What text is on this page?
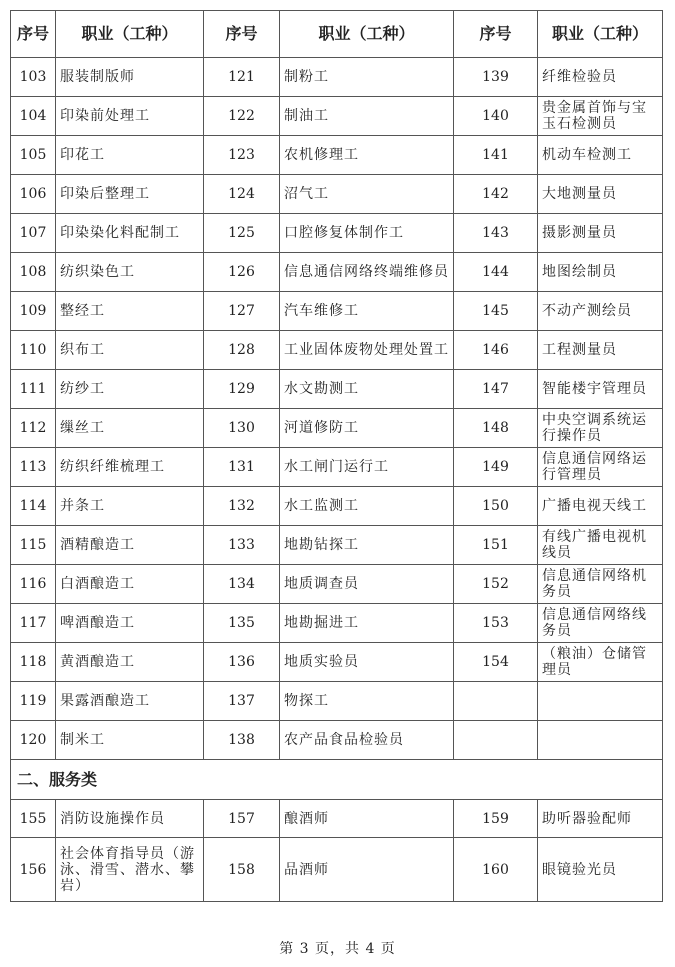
序号	职业（工种）	序号	职业（工种）	序号	职业（工种）
103	服装制版师	121	制粉工	139	纤维检验员
104	印染前处理工	122	制油工	140	贵金属首饰与宝玉石检测员
105	印花工	123	农机修理工	141	机动车检测工
106	印染后整理工	124	沼气工	142	大地测量员
107	印染染化料配制工	125	口腔修复体制作工	143	摄影测量员
108	纺织染色工	126	信息通信网络终端维修员	144	地图绘制员
109	整经工	127	汽车维修工	145	不动产测绘员
110	织布工	128	工业固体废物处理处置工	146	工程测量员
111	纺纱工	129	水文勘测工	147	智能楼宇管理员
112	缫丝工	130	河道修防工	148	中央空调系统运行操作员
113	纺织纤维梳理工	131	水工闸门运行工	149	信息通信网络运行管理员
114	并条工	132	水工监测工	150	广播电视天线工
115	酒精酿造工	133	地勘钻探工	151	有线广播电视机线员
116	白酒酿造工	134	地质调查员	152	信息通信网络机务员
117	啤酒酿造工	135	地勘掘进工	153	信息通信网络线务员
118	黄酒酿造工	136	地质实验员	154	（粮油）仓储管理员
119	果露酒酿造工	137	物探工		
120	制米工	138	农产品食品检验员		
二、服务类					
155	消防设施操作员	157	酿酒师	159	助听器验配师
156	社会体育指导员（游泳、滑雪、潜水、攀岩）	158	品酒师	160	眼镜验光员
第 3 页，共 4 页
